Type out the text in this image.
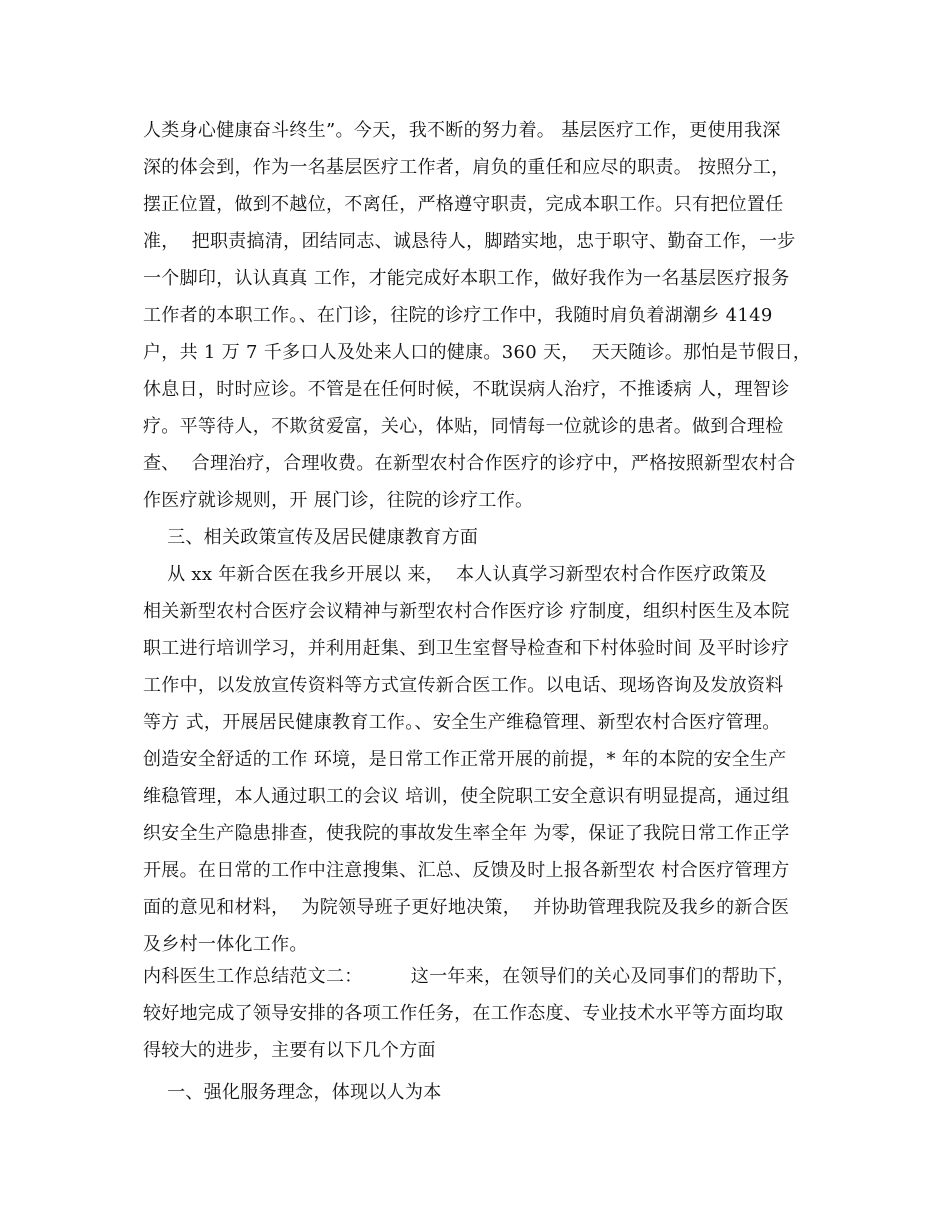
人类身心健康奋斗终生”。今天，我不断的努力着。 基层医疗工作，更使用我深
深的体会到，作为一名基层医疗工作者，肩负的重任和应尽的职责。 按照分工，
摆正位置，做到不越位，不离任，严格遵守职责，完成本职工作。只有把位置任
准，  把职责搞清，团结同志、诚恳待人，脚踏实地，忠于职守、勤奋工作，一步
一个脚印，认认真真 工作，才能完成好本职工作，做好我作为一名基层医疗报务
工作者的本职工作。、在门诊，往院的诊疗工作中，我随时肩负着湖潮乡 4149
户，共 1 万 7 千多口人及处来人口的健康。360 天，  天天随诊。那怕是节假日，
休息日，时时应诊。不管是在任何时候，不耽误病人治疗，不推诿病 人，理智诊
疗。平等待人，不欺贫爱富，关心，体贴，同情每一位就诊的患者。做到合理检
查、  合理治疗，合理收费。在新型农村合作医疗的诊疗中，严格按照新型农村合
作医疗就诊规则，开 展门诊，往院的诊疗工作。
三、相关政策宣传及居民健康教育方面
从 xx 年新合医在我乡开展以 来，  本人认真学习新型农村合作医疗政策及
相关新型农村合医疗会议精神与新型农村合作医疗诊 疗制度，组织村医生及本院
职工进行培训学习，并利用赶集、到卫生室督导检查和下村体验时间 及平时诊疗
工作中，以发放宣传资料等方式宣传新合医工作。以电话、现场咨询及发放资料
等方 式，开展居民健康教育工作。、安全生产维稳管理、新型农村合医疗管理。
创造安全舒适的工作 环境，是日常工作正常开展的前提，* 年的本院的安全生产
维稳管理，本人通过职工的会议 培训，使全院职工安全意识有明显提高，通过组
织安全生产隐患排查，使我院的事故发生率全年 为零，保证了我院日常工作正学
开展。在日常的工作中注意搜集、汇总、反馈及时上报各新型农 村合医疗管理方
面的意见和材料，  为院领导班子更好地决策，  并协助管理我院及我乡的新合医
及乡村一体化工作。
内科医生工作总结范文二：        这一年来，在领导们的关心及同事们的帮助下，
较好地完成了领导安排的各项工作任务，在工作态度、专业技术水平等方面均取
得较大的进步，主要有以下几个方面
一、强化服务理念，体现以人为本
